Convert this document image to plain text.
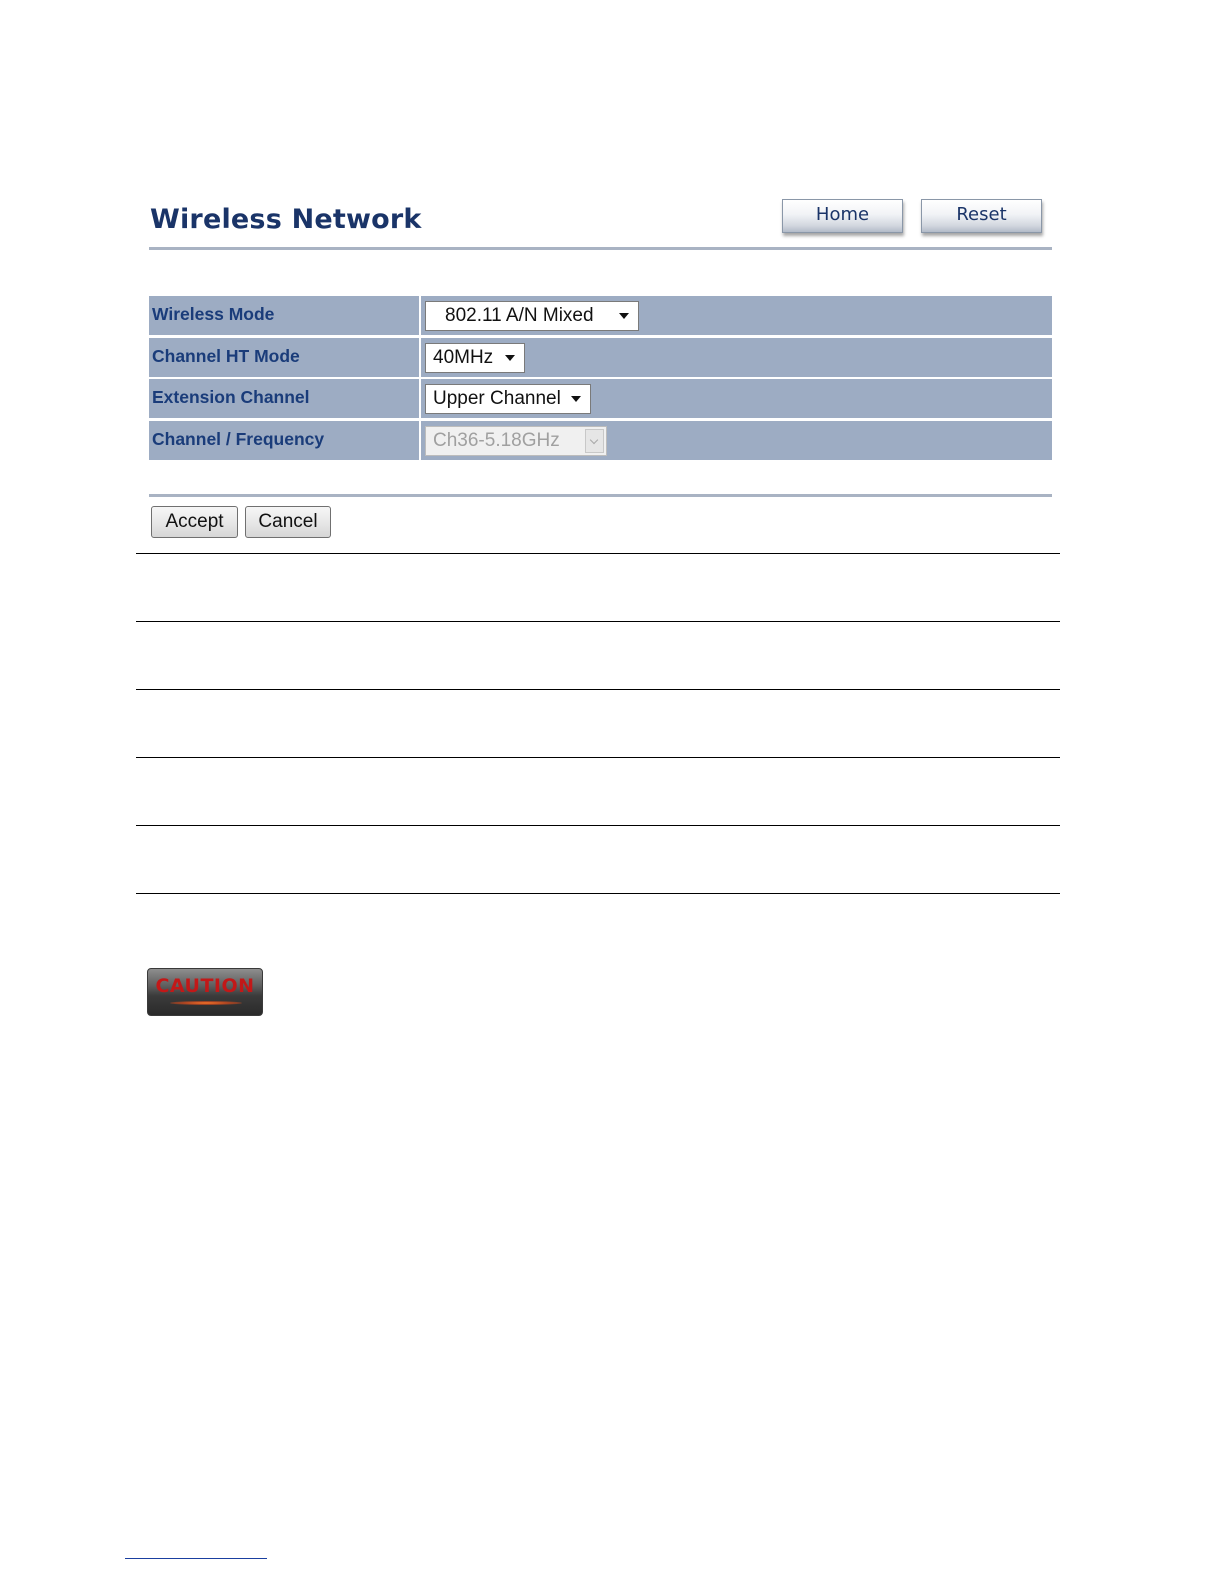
Wireless Network	Home	Reset
Wireless Mode	802.11 A/N Mixed
Channel HT Mode	40MHz
Extension Channel	Upper Channel
Channel / Frequency	Ch36-5.18GHz
Accept	Cancel
CAUTION
